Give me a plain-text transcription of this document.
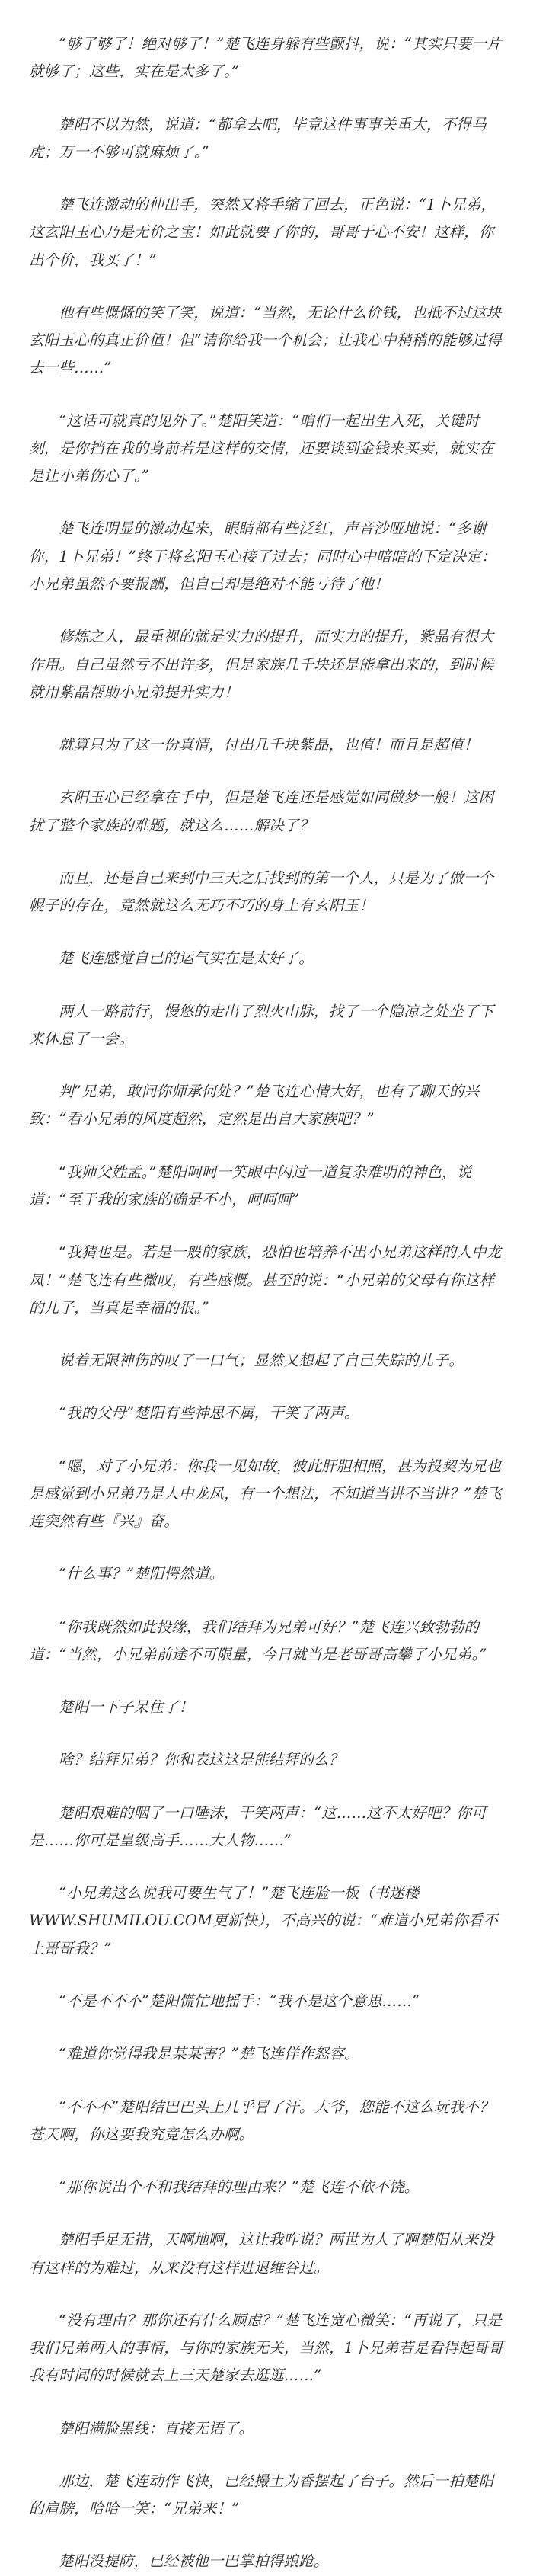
“够了够了！绝对够了！”楚飞连身躲有些颤抖，说：“其实只要一片就够了；这些，实在是太多了。”

楚阳不以为然，说道：“都拿去吧，毕竟这件事事关重大，不得马虎；万一不够可就麻烦了。”

楚飞连激动的伸出手，突然又将手缩了回去，正色说：“1卜兄弟，这玄阳玉心乃是无价之宝！如此就要了你的，哥哥于心不安！这样，你出个价，我买了！”

他有些慨慨的笑了笑，说道：“当然，无论什么价钱，也抵不过这块玄阳玉心的真正价值！但“请你给我一个机会；让我心中稍稍的能够过得去一些……”

“这话可就真的见外了。”楚阳笑道：“咱们一起出生入死，关键时刻，是你挡在我的身前若是这样的交情，还要谈到金钱来买卖，就实在是让小弟伤心了。”

楚飞连明显的激动起来，眼睛都有些泛红，声音沙哑地说：“多谢你，1卜兄弟！”终于将玄阳玉心接了过去；同时心中暗暗的下定决定：小兄弟虽然不要报酬，但自己却是绝对不能亏待了他！

修炼之人，最重视的就是实力的提升，而实力的提升，紫晶有很大作用。自己虽然亏不出许多，但是家族几千块还是能拿出来的，到时候就用紫晶帮助小兄弟提升实力！

就算只为了这一份真情，付出几千块紫晶，也值！而且是超值！

玄阳玉心已经拿在手中，但是楚飞连还是感觉如同做梦一般！这困扰了整个家族的难题，就这么……解决了？

而且，还是自己来到中三天之后找到的第一个人，只是为了做一个幌子的存在，竟然就这么无巧不巧的身上有玄阳玉！

楚飞连感觉自己的运气实在是太好了。

两人一路前行，慢悠的走出了烈火山脉，找了一个隐凉之处坐了下来休息了一会。

判”兄弟，敢问你师承何处？”楚飞连心情大好，也有了聊天的兴致：“看小兄弟的风度超然，定然是出自大家族吧？”

“我师父姓孟。”楚阳呵呵一笑眼中闪过一道复杂难明的神色，说道：“至于我的家族的确是不小，呵呵呵”

“我猜也是。若是一般的家族，恐怕也培养不出小兄弟这样的人中龙凤！”楚飞连有些微叹，有些感慨。甚至的说：“小兄弟的父母有你这样的儿子，当真是幸福的很。”

说着无限神伤的叹了一口气；显然又想起了自己失踪的儿子。

“我的父母”楚阳有些神思不属，干笑了两声。

“嗯，对了小兄弟：你我一见如故，彼此肝胆相照，甚为投契为兄也是感觉到小兄弟乃是人中龙凤，有一个想法，不知道当讲不当讲？”楚飞连突然有些『兴』奋。

“什么事？”楚阳愕然道。

“你我既然如此投缘，我们结拜为兄弟可好？”楚飞连兴致勃勃的道：“当然，小兄弟前途不可限量，今日就当是老哥哥高攀了小兄弟。”

楚阳一下子呆住了！

啥？结拜兄弟？你和表这这是能结拜的么？

楚阳艰难的咽了一口唾沫，干笑两声：“这……这不太好吧？你可是……你可是皇级高手……大人物……”

“小兄弟这么说我可要生气了！”楚飞连脸一板（书迷楼WWW.SHUMILOU.COM更新快），不高兴的说：“难道小兄弟你看不上哥哥我？”

“不是不不不”楚阳慌忙地摇手：“我不是这个意思……”

“难道你觉得我是某某害？”楚飞连佯作怒容。

“不不不”楚阳结巴巴头上几乎冒了汗。大爷，您能不这么玩我不？苍天啊，你这要我究竟怎么办啊。

“那你说出个不和我结拜的理由来？”楚飞连不依不饶。

楚阳手足无措，天啊地啊，这让我咋说？两世为人了啊楚阳从来没有这样的为难过，从来没有这样进退维谷过。

“没有理由？那你还有什么顾虑？”楚飞连宽心微笑：“再说了，只是我们兄弟两人的事情，与你的家族无关，当然，1卜兄弟若是看得起哥哥我有时间的时候就去上三天楚家去逛逛……”

楚阳满脸黑线：直接无语了。

那边，楚飞连动作飞快，已经撮土为香摆起了台子。然后一拍楚阳的肩膀，哈哈一笑：“兄弟来！”

楚阳没提防，已经被他一巴掌拍得踉跄。
